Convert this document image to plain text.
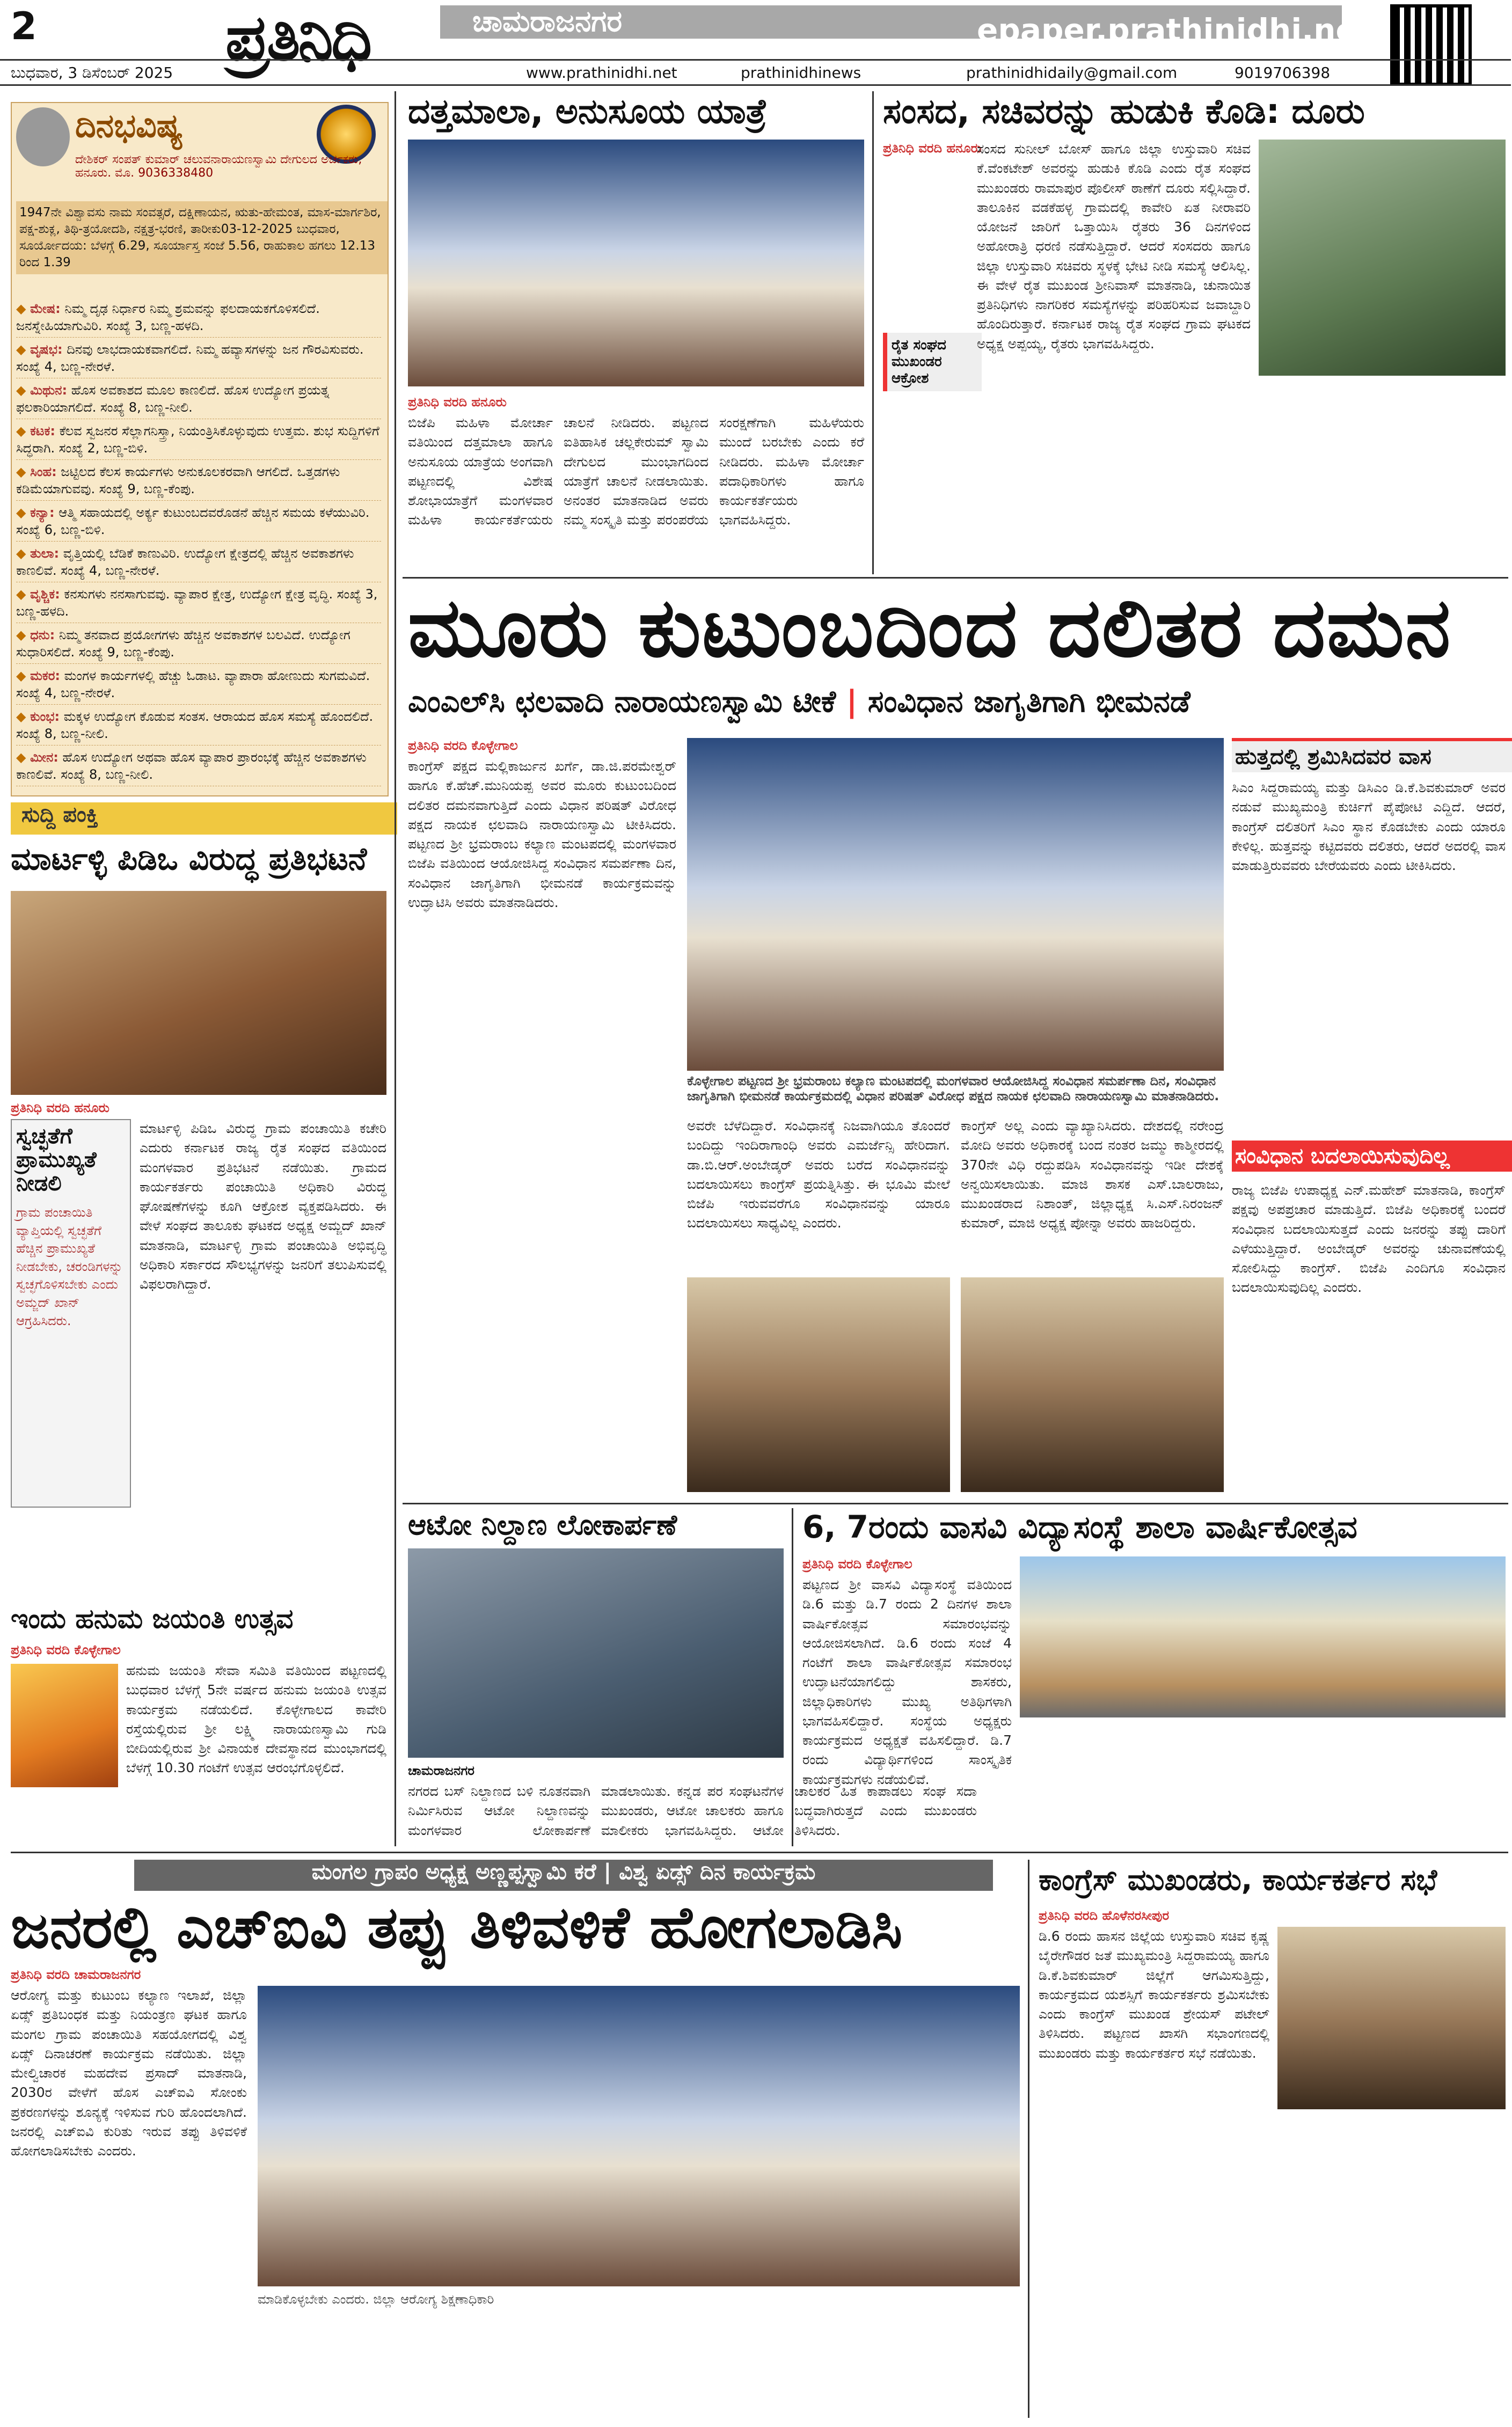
2	ಪ್ರತಿನಿಧಿ	ಚಾಮರಾಜನಗರ	epaper.prathinidhi.net
ಬುಧವಾರ, 3 ಡಿಸೆಂಬರ್ 2025	www.prathinidhi.net	prathinidhinews	prathinidhidaily@gmail.com	9019706398
ದಿನಭವಿಷ್ಯ
ದೇಶಿಕರ್ ಸಂಪತ್ ಕುಮಾರ್ ಚಲುವನಾರಾಯಣಸ್ವಾಮಿ ದೇಗುಲದ ಅರ್ಚಕರು, ಹನೂರು. ಮೊ. 9036338480
1947ನೇ ವಿಶ್ವಾವಸು ನಾಮ ಸಂವತ್ಸರೆ, ದಕ್ಷಿಣಾಯನ, ಋತು-ಹೇಮಂತ, ಮಾಸ-ಮಾರ್ಗಶಿರ, ಪಕ್ಷ-ಶುಕ್ಲ, ತಿಥಿ-ತ್ರಯೋದಶಿ, ನಕ್ಷತ್ರ-ಭರಣಿ, ತಾರೀಕು03-12-2025 ಬುಧವಾರ, ಸೂರ್ಯೋದಯ: ಬೆಳಗ್ಗೆ 6.29, ಸೂರ್ಯಾಸ್ತ ಸಂಜೆ 5.56, ರಾಹುಕಾಲ ಹಗಲು 12.13 ರಿಂದ 1.39
◆ ಮೇಷ: ನಿಮ್ಮ ದೃಢ ನಿರ್ಧಾರ ನಿಮ್ಮ ಶ್ರಮವನ್ನು ಫಲದಾಯಕಗೊಳಿಸಲಿದೆ. ಜನಸ್ನೇಹಿಯಾಗುವಿರಿ. ಸಂಖ್ಯೆ 3, ಬಣ್ಣ-ಹಳದಿ.
◆ ವೃಷಭ: ದಿನವು ಲಾಭದಾಯಕವಾಗಲಿದೆ. ನಿಮ್ಮ ಹವ್ಯಾಸಗಳನ್ನು ಜನ ಗೌರವಿಸುವರು. ಸಂಖ್ಯೆ 4, ಬಣ್ಣ-ನೇರಳೆ.
◆ ಮಿಥುನ: ಹೊಸ ಅವಕಾಶದ ಮೂಲ ಕಾಣಲಿದೆ. ಹೊಸ ಉದ್ಯೋಗ ಪ್ರಯತ್ನ ಫಲಕಾರಿಯಾಗಲಿದೆ. ಸಂಖ್ಯೆ 8, ಬಣ್ಣ-ನೀಲಿ.
◆ ಕಟಕ: ಕೆಲವ ಸ್ವಜನರ ಸೆಲ್ಲಾಗನಿಸ್ತ್ರಾ, ನಿಯಂತ್ರಿಸಿಕೊಳ್ಳುವುದು ಉತ್ತಮ. ಶುಭ ಸುದ್ದಿಗಳಿಗೆ ಸಿದ್ಧರಾಗಿ. ಸಂಖ್ಯೆ 2, ಬಣ್ಣ-ಬಿಳಿ.
◆ ಸಿಂಹ: ಜಟ್ಟಿಲದ ಕೆಲಸ ಕಾರ್ಯಗಳು ಅನುಕೂಲಕರವಾಗಿ ಆಗಲಿದೆ. ಒತ್ತಡಗಳು ಕಡಿಮೆಯಾಗುವವು. ಸಂಖ್ಯೆ 9, ಬಣ್ಣ-ಕೆಂಪು.
◆ ಕನ್ಯಾ: ಆತ್ಮಿ ಸಹಾಯದಲ್ಲಿ ಅರ್ಕ್ಯ ಕುಟುಂಬದವರೊಡನೆ ಹೆಚ್ಚಿನ ಸಮಯ ಕಳೆಯುವಿರಿ. ಸಂಖ್ಯೆ 6, ಬಣ್ಣ-ಬಿಳಿ.
◆ ತುಲಾ: ವೃತ್ತಿಯಲ್ಲಿ ಬೆಡಿಕೆ ಕಾಣುವಿರಿ. ಉದ್ಯೋಗ ಕ್ಷೇತ್ರದಲ್ಲಿ ಹೆಚ್ಚಿನ ಅವಕಾಶಗಳು ಕಾಣಲಿವೆ. ಸಂಖ್ಯೆ 4, ಬಣ್ಣ-ನೇರಳೆ.
◆ ವೃಶ್ಚಿಕ: ಕನಸುಗಳು ನನಸಾಗುವವು. ವ್ಯಾಪಾರ ಕ್ಷೇತ್ರ, ಉದ್ಯೋಗ ಕ್ಷೇತ್ರ ವೃದ್ಧಿ. ಸಂಖ್ಯೆ 3, ಬಣ್ಣ-ಹಳದಿ.
◆ ಧನು: ನಿಮ್ಮ ತನವಾದ ಪ್ರಯೋಗಗಳು ಹೆಚ್ಚಿನ ಅವಕಾಶಗಳ ಬಲವಿದೆ. ಉದ್ಯೋಗ ಸುಧಾರಿಸಲಿದೆ. ಸಂಖ್ಯೆ 9, ಬಣ್ಣ-ಕೆಂಪು.
◆ ಮಕರ: ಮಂಗಳ ಕಾರ್ಯಗಳಲ್ಲಿ ಹೆಚ್ಚು ಓಡಾಟ. ವ್ಯಾಪಾರಾ ಹೋಣುದು ಸುಗಮವಿದೆ. ಸಂಖ್ಯೆ 4, ಬಣ್ಣ-ನೇರಳೆ.
◆ ಕುಂಭ: ಮಕ್ಕಳ ಉದ್ಯೋಗ ಕೊಡುವ ಸಂತಸ. ಆರಾಯದ ಹೊಸ ಸಮಸ್ಯೆ ಹೊಂದಲಿದೆ. ಸಂಖ್ಯೆ 8, ಬಣ್ಣ-ನೀಲಿ.
◆ ಮೀನ: ಹೊಸ ಉದ್ಯೋಗ ಅಥವಾ ಹೊಸ ವ್ಯಾಪಾರ ಪ್ರಾರಂಭಕ್ಕೆ ಹೆಚ್ಚಿನ ಅವಕಾಶಗಳು ಕಾಣಲಿವೆ. ಸಂಖ್ಯೆ 8, ಬಣ್ಣ-ನೀಲಿ.
ಸುದ್ದಿ ಪಂಕ್ತಿ
ಮಾರ್ಟಳ್ಳಿ ಪಿಡಿಒ ವಿರುದ್ಧ ಪ್ರತಿಭಟನೆ
ಪ್ರತಿನಿಧಿ ವರದಿ ಹನೂರು
ಮಾರ್ಟಳ್ಳಿ ಪಿಡಿಒ ವಿರುದ್ಧ ಗ್ರಾಮ ಪಂಚಾಯಿತಿ ಕಚೇರಿ ಎದುರು ಕರ್ನಾಟಕ ರಾಜ್ಯ ರೈತ ಸಂಘದ ವತಿಯಿಂದ ಮಂಗಳವಾರ ಪ್ರತಿಭಟನೆ ನಡೆಯಿತು. ಗ್ರಾಮದ ಕಾರ್ಯಕರ್ತರು ಪಂಚಾಯಿತಿ ಅಧಿಕಾರಿ ವಿರುದ್ಧ ಘೋಷಣೆಗಳನ್ನು ಕೂಗಿ ಆಕ್ರೋಶ ವ್ಯಕ್ತಪಡಿಸಿದರು. ಈ ವೇಳೆ ಸಂಘದ ತಾಲೂಕು ಘಟಕದ ಅಧ್ಯಕ್ಷ ಅಮ್ಜದ್ ಖಾನ್ ಮಾತನಾಡಿ, ಮಾರ್ಟಳ್ಳಿ ಗ್ರಾಮ ಪಂಚಾಯಿತಿ ಅಭಿವೃದ್ಧಿ ಅಧಿಕಾರಿ ಸರ್ಕಾರದ ಸೌಲಭ್ಯಗಳನ್ನು ಜನರಿಗೆ ತಲುಪಿಸುವಲ್ಲಿ ವಿಫಲರಾಗಿದ್ದಾರೆ.
ಸ್ವಚ್ಛತೆಗೆ ಪ್ರಾಮುಖ್ಯತೆ ನೀಡಲಿ
ಗ್ರಾಮ ಪಂಚಾಯಿತಿ ವ್ಯಾಪ್ತಿಯಲ್ಲಿ ಸ್ವಚ್ಛತೆಗೆ ಹೆಚ್ಚಿನ ಪ್ರಾಮುಖ್ಯತೆ ನೀಡಬೇಕು, ಚರಂಡಿಗಳನ್ನು ಸ್ವಚ್ಛಗೊಳಿಸಬೇಕು ಎಂದು ಅಮ್ಜದ್ ಖಾನ್ ಆಗ್ರಹಿಸಿದರು.
ಇಂದು ಹನುಮ ಜಯಂತಿ ಉತ್ಸವ
ಪ್ರತಿನಿಧಿ ವರದಿ ಕೊಳ್ಳೇಗಾಲ
ಹನುಮ ಜಯಂತಿ ಸೇವಾ ಸಮಿತಿ ವತಿಯಿಂದ ಪಟ್ಟಣದಲ್ಲಿ ಬುಧವಾರ ಬೆಳಗ್ಗೆ 5ನೇ ವರ್ಷದ ಹನುಮ ಜಯಂತಿ ಉತ್ಸವ ಕಾರ್ಯಕ್ರಮ ನಡೆಯಲಿದೆ. ಕೊಳ್ಳೇಗಾಲದ ಕಾವೇರಿ ರಸ್ತೆಯಲ್ಲಿರುವ ಶ್ರೀ ಲಕ್ಷ್ಮಿ ನಾರಾಯಣಸ್ವಾಮಿ ಗುಡಿ ಬೀದಿಯಲ್ಲಿರುವ ಶ್ರೀ ವಿನಾಯಕ ದೇವಸ್ಥಾನದ ಮುಂಭಾಗದಲ್ಲಿ ಬೆಳಗ್ಗೆ 10.30 ಗಂಟೆಗೆ ಉತ್ಸವ ಆರಂಭಗೊಳ್ಳಲಿದೆ.
ದತ್ತಮಾಲಾ, ಅನುಸೂಯ ಯಾತ್ರೆ
ಪ್ರತಿನಿಧಿ ವರದಿ ಹನೂರು
ಬಿಜೆಪಿ ಮಹಿಳಾ ಮೋರ್ಚಾ ವತಿಯಿಂದ ದತ್ತಮಾಲಾ ಹಾಗೂ ಅನುಸೂಯ ಯಾತ್ರೆಯ ಅಂಗವಾಗಿ ಪಟ್ಟಣದಲ್ಲಿ ವಿಶೇಷ ಶೋಭಾಯಾತ್ರೆಗೆ ಮಂಗಳವಾರ ಮಹಿಳಾ ಕಾರ್ಯಕರ್ತೆಯರು ಚಾಲನೆ ನೀಡಿದರು. ಪಟ್ಟಣದ ಐತಿಹಾಸಿಕ ಚಲ್ಲಕೇರುಮ್ ಸ್ವಾಮಿ ದೇಗುಲದ ಮುಂಭಾಗದಿಂದ ಯಾತ್ರೆಗೆ ಚಾಲನೆ ನೀಡಲಾಯಿತು. ಅನಂತರ ಮಾತನಾಡಿದ ಅವರು ನಮ್ಮ ಸಂಸ್ಕೃತಿ ಮತ್ತು ಪರಂಪರೆಯ ಸಂರಕ್ಷಣೆಗಾಗಿ ಮಹಿಳೆಯರು ಮುಂದೆ ಬರಬೇಕು ಎಂದು ಕರೆ ನೀಡಿದರು. ಮಹಿಳಾ ಮೋರ್ಚಾ ಪದಾಧಿಕಾರಿಗಳು ಹಾಗೂ ಕಾರ್ಯಕರ್ತೆಯರು ಭಾಗವಹಿಸಿದ್ದರು.
ಸಂಸದ, ಸಚಿವರನ್ನು ಹುಡುಕಿ ಕೊಡಿ: ದೂರು
ಪ್ರತಿನಿಧಿ ವರದಿ ಹನೂರು
ರೈತ ಸಂಘದ ಮುಖಂಡರ ಆಕ್ರೋಶ
ಸಂಸದ ಸುನೀಲ್ ಬೋಸ್ ಹಾಗೂ ಜಿಲ್ಲಾ ಉಸ್ತುವಾರಿ ಸಚಿವ ಕೆ.ವೆಂಕಟೇಶ್ ಅವರನ್ನು ಹುಡುಕಿ ಕೊಡಿ ಎಂದು ರೈತ ಸಂಘದ ಮುಖಂಡರು ರಾಮಾಪುರ ಪೊಲೀಸ್ ಠಾಣೆಗೆ ದೂರು ಸಲ್ಲಿಸಿದ್ದಾರೆ. ತಾಲೂಕಿನ ವಡಕೆಹಳ್ಳ ಗ್ರಾಮದಲ್ಲಿ ಕಾವೇರಿ ಏತ ನೀರಾವರಿ ಯೋಜನೆ ಜಾರಿಗೆ ಒತ್ತಾಯಿಸಿ ರೈತರು 36 ದಿನಗಳಿಂದ ಅಹೋರಾತ್ರಿ ಧರಣಿ ನಡೆಸುತ್ತಿದ್ದಾರೆ. ಆದರೆ ಸಂಸದರು ಹಾಗೂ ಜಿಲ್ಲಾ ಉಸ್ತುವಾರಿ ಸಚಿವರು ಸ್ಥಳಕ್ಕೆ ಭೇಟಿ ನೀಡಿ ಸಮಸ್ಯೆ ಆಲಿಸಿಲ್ಲ. ಈ ವೇಳೆ ರೈತ ಮುಖಂಡ ಶ್ರೀನಿವಾಸ್ ಮಾತನಾಡಿ, ಚುನಾಯಿತ ಪ್ರತಿನಿಧಿಗಳು ನಾಗರಿಕರ ಸಮಸ್ಯೆಗಳನ್ನು ಪರಿಹರಿಸುವ ಜವಾಬ್ದಾರಿ ಹೊಂದಿರುತ್ತಾರೆ. ಕರ್ನಾಟಕ ರಾಜ್ಯ ರೈತ ಸಂಘದ ಗ್ರಾಮ ಘಟಕದ ಅಧ್ಯಕ್ಷ ಅಪ್ಪಯ್ಯ, ರೈತರು ಭಾಗವಹಿಸಿದ್ದರು.
ಮೂರು ಕುಟುಂಬದಿಂದ ದಲಿತರ ದಮನ
ಎಂಎಲ್‌ಸಿ ಛಲವಾದಿ ನಾರಾಯಣಸ್ವಾಮಿ ಟೀಕೆ | ಸಂವಿಧಾನ ಜಾಗೃತಿಗಾಗಿ ಭೀಮನಡೆ
ಪ್ರತಿನಿಧಿ ವರದಿ ಕೊಳ್ಳೇಗಾಲ
ಕಾಂಗ್ರೆಸ್ ಪಕ್ಷದ ಮಲ್ಲಿಕಾರ್ಜುನ ಖರ್ಗೆ, ಡಾ.ಜಿ.ಪರಮೇಶ್ವರ್ ಹಾಗೂ ಕೆ.ಹೆಚ್.ಮುನಿಯಪ್ಪ ಅವರ ಮೂರು ಕುಟುಂಬದಿಂದ ದಲಿತರ ದಮನವಾಗುತ್ತಿದೆ ಎಂದು ವಿಧಾನ ಪರಿಷತ್ ವಿರೋಧ ಪಕ್ಷದ ನಾಯಕ ಛಲವಾದಿ ನಾರಾಯಣಸ್ವಾಮಿ ಟೀಕಿಸಿದರು. ಪಟ್ಟಣದ ಶ್ರೀ ಭ್ರಮರಾಂಬ ಕಲ್ಯಾಣ ಮಂಟಪದಲ್ಲಿ ಮಂಗಳವಾರ ಬಿಜೆಪಿ ವತಿಯಿಂದ ಆಯೋಜಿಸಿದ್ದ ಸಂವಿಧಾನ ಸಮರ್ಪಣಾ ದಿನ, ಸಂವಿಧಾನ ಜಾಗೃತಿಗಾಗಿ ಭೀಮನಡೆ ಕಾರ್ಯಕ್ರಮವನ್ನು ಉದ್ಘಾಟಿಸಿ ಅವರು ಮಾತನಾಡಿದರು.
ಕೊಳ್ಳೇಗಾಲ ಪಟ್ಟಣದ ಶ್ರೀ ಭ್ರಮರಾಂಬ ಕಲ್ಯಾಣ ಮಂಟಪದಲ್ಲಿ ಮಂಗಳವಾರ ಆಯೋಜಿಸಿದ್ದ ಸಂವಿಧಾನ ಸಮರ್ಪಣಾ ದಿನ, ಸಂವಿಧಾನ ಜಾಗೃತಿಗಾಗಿ ಭೀಮನಡೆ ಕಾರ್ಯಕ್ರಮದಲ್ಲಿ ವಿಧಾನ ಪರಿಷತ್ ವಿರೋಧ ಪಕ್ಷದ ನಾಯಕ ಛಲವಾದಿ ನಾರಾಯಣಸ್ವಾಮಿ ಮಾತನಾಡಿದರು.
ಅವರೇ ಬೆಳೆದಿದ್ದಾರೆ. ಸಂವಿಧಾನಕ್ಕೆ ನಿಜವಾಗಿಯೂ ತೊಂದರೆ ಬಂದಿದ್ದು ಇಂದಿರಾಗಾಂಧಿ ಅವರು ಎಮರ್ಜೆನ್ಸಿ ಹೇರಿದಾಗ. ಡಾ.ಬಿ.ಆರ್.ಅಂಬೇಡ್ಕರ್ ಅವರು ಬರೆದ ಸಂವಿಧಾನವನ್ನು ಬದಲಾಯಿಸಲು ಕಾಂಗ್ರೆಸ್ ಪ್ರಯತ್ನಿಸಿತ್ತು. ಈ ಭೂಮಿ ಮೇಲೆ ಬಿಜೆಪಿ ಇರುವವರೆಗೂ ಸಂವಿಧಾನವನ್ನು ಯಾರೂ ಬದಲಾಯಿಸಲು ಸಾಧ್ಯವಿಲ್ಲ ಎಂದರು.
ಕಾಂಗ್ರೆಸ್ ಅಲ್ಲ ಎಂದು ವ್ಯಾಖ್ಯಾನಿಸಿದರು. ದೇಶದಲ್ಲಿ ನರೇಂದ್ರ ಮೋದಿ ಅವರು ಅಧಿಕಾರಕ್ಕೆ ಬಂದ ನಂತರ ಜಮ್ಮು ಕಾಶ್ಮೀರದಲ್ಲಿ 370ನೇ ವಿಧಿ ರದ್ದುಪಡಿಸಿ ಸಂವಿಧಾನವನ್ನು ಇಡೀ ದೇಶಕ್ಕೆ ಅನ್ವಯಿಸಲಾಯಿತು. ಮಾಜಿ ಶಾಸಕ ಎಸ್.ಬಾಲರಾಜು, ಮುಖಂಡರಾದ ನಿಶಾಂತ್, ಜಿಲ್ಲಾಧ್ಯಕ್ಷ ಸಿ.ಎಸ್.ನಿರಂಜನ್ ಕುಮಾರ್, ಮಾಜಿ ಅಧ್ಯಕ್ಷ ಪೋನ್ನಾ ಅವರು ಹಾಜರಿದ್ದರು.
ಹುತ್ತದಲ್ಲಿ ಶ್ರಮಿಸಿದವರ ವಾಸ
ಸಿಎಂ ಸಿದ್ದರಾಮಯ್ಯ ಮತ್ತು ಡಿಸಿಎಂ ಡಿ.ಕೆ.ಶಿವಕುಮಾರ್ ಅವರ ನಡುವೆ ಮುಖ್ಯಮಂತ್ರಿ ಕುರ್ಚಿಗೆ ಪೈಪೋಟಿ ಎದ್ದಿದೆ. ಆದರೆ, ಕಾಂಗ್ರೆಸ್ ದಲಿತರಿಗೆ ಸಿಎಂ ಸ್ಥಾನ ಕೊಡಬೇಕು ಎಂದು ಯಾರೂ ಕೇಳಿಲ್ಲ. ಹುತ್ತವನ್ನು ಕಟ್ಟಿದವರು ದಲಿತರು, ಆದರೆ ಅದರಲ್ಲಿ ವಾಸ ಮಾಡುತ್ತಿರುವವರು ಬೇರೆಯವರು ಎಂದು ಟೀಕಿಸಿದರು.
ಸಂವಿಧಾನ ಬದಲಾಯಿಸುವುದಿಲ್ಲ
ರಾಜ್ಯ ಬಿಜೆಪಿ ಉಪಾಧ್ಯಕ್ಷ ಎನ್.ಮಹೇಶ್ ಮಾತನಾಡಿ, ಕಾಂಗ್ರೆಸ್ ಪಕ್ಷವು ಅಪಪ್ರಚಾರ ಮಾಡುತ್ತಿದೆ. ಬಿಜೆಪಿ ಅಧಿಕಾರಕ್ಕೆ ಬಂದರೆ ಸಂವಿಧಾನ ಬದಲಾಯಿಸುತ್ತದೆ ಎಂದು ಜನರನ್ನು ತಪ್ಪು ದಾರಿಗೆ ಎಳೆಯುತ್ತಿದ್ದಾರೆ. ಅಂಬೇಡ್ಕರ್ ಅವರನ್ನು ಚುನಾವಣೆಯಲ್ಲಿ ಸೋಲಿಸಿದ್ದು ಕಾಂಗ್ರೆಸ್. ಬಿಜೆಪಿ ಎಂದಿಗೂ ಸಂವಿಧಾನ ಬದಲಾಯಿಸುವುದಿಲ್ಲ ಎಂದರು.
ಆಟೋ ನಿಲ್ದಾಣ ಲೋಕಾರ್ಪಣೆ
ಚಾಮರಾಜನಗರ
ನಗರದ ಬಸ್ ನಿಲ್ದಾಣದ ಬಳಿ ನೂತನವಾಗಿ ನಿರ್ಮಿಸಿರುವ ಆಟೋ ನಿಲ್ದಾಣವನ್ನು ಮಂಗಳವಾರ ಲೋಕಾರ್ಪಣೆ ಮಾಡಲಾಯಿತು. ಕನ್ನಡ ಪರ ಸಂಘಟನೆಗಳ ಮುಖಂಡರು, ಆಟೋ ಚಾಲಕರು ಹಾಗೂ ಮಾಲೀಕರು ಭಾಗವಹಿಸಿದ್ದರು. ಆಟೋ ಚಾಲಕರ ಹಿತ ಕಾಪಾಡಲು ಸಂಘ ಸದಾ ಬದ್ಧವಾಗಿರುತ್ತದೆ ಎಂದು ಮುಖಂಡರು ತಿಳಿಸಿದರು.
6, 7ರಂದು ವಾಸವಿ ವಿದ್ಯಾಸಂಸ್ಥೆ ಶಾಲಾ ವಾರ್ಷಿಕೋತ್ಸವ
ಪ್ರತಿನಿಧಿ ವರದಿ ಕೊಳ್ಳೇಗಾಲ
ಪಟ್ಟಣದ ಶ್ರೀ ವಾಸವಿ ವಿದ್ಯಾಸಂಸ್ಥೆ ವತಿಯಿಂದ ಡಿ.6 ಮತ್ತು ಡಿ.7 ರಂದು 2 ದಿನಗಳ ಶಾಲಾ ವಾರ್ಷಿಕೋತ್ಸವ ಸಮಾರಂಭವನ್ನು ಆಯೋಜಿಸಲಾಗಿದೆ. ಡಿ.6 ರಂದು ಸಂಜೆ 4 ಗಂಟೆಗೆ ಶಾಲಾ ವಾರ್ಷಿಕೋತ್ಸವ ಸಮಾರಂಭ ಉದ್ಘಾಟನೆಯಾಗಲಿದ್ದು ಶಾಸಕರು, ಜಿಲ್ಲಾಧಿಕಾರಿಗಳು ಮುಖ್ಯ ಅತಿಥಿಗಳಾಗಿ ಭಾಗವಹಿಸಲಿದ್ದಾರೆ. ಸಂಸ್ಥೆಯ ಅಧ್ಯಕ್ಷರು ಕಾರ್ಯಕ್ರಮದ ಅಧ್ಯಕ್ಷತೆ ವಹಿಸಲಿದ್ದಾರೆ. ಡಿ.7 ರಂದು ವಿದ್ಯಾರ್ಥಿಗಳಿಂದ ಸಾಂಸ್ಕೃತಿಕ ಕಾರ್ಯಕ್ರಮಗಳು ನಡೆಯಲಿವೆ.
ಮಂಗಲ ಗ್ರಾಪಂ ಅಧ್ಯಕ್ಷ ಅಣ್ಣಪ್ಪಸ್ವಾಮಿ ಕರೆ | ವಿಶ್ವ ಏಡ್ಸ್ ದಿನ ಕಾರ್ಯಕ್ರಮ
ಜನರಲ್ಲಿ ಎಚ್‌ಐವಿ ತಪ್ಪು ತಿಳಿವಳಿಕೆ ಹೋಗಲಾಡಿಸಿ
ಪ್ರತಿನಿಧಿ ವರದಿ ಚಾಮರಾಜನಗರ
ಆರೋಗ್ಯ ಮತ್ತು ಕುಟುಂಬ ಕಲ್ಯಾಣ ಇಲಾಖೆ, ಜಿಲ್ಲಾ ಏಡ್ಸ್ ಪ್ರತಿಬಂಧಕ ಮತ್ತು ನಿಯಂತ್ರಣ ಘಟಕ ಹಾಗೂ ಮಂಗಲ ಗ್ರಾಮ ಪಂಚಾಯಿತಿ ಸಹಯೋಗದಲ್ಲಿ ವಿಶ್ವ ಏಡ್ಸ್ ದಿನಾಚರಣೆ ಕಾರ್ಯಕ್ರಮ ನಡೆಯಿತು. ಜಿಲ್ಲಾ ಮೇಲ್ವಿಚಾರಕ ಮಹದೇವ ಪ್ರಸಾದ್ ಮಾತನಾಡಿ, 2030ರ ವೇಳೆಗೆ ಹೊಸ ಎಚ್‌ಐವಿ ಸೋಂಕು ಪ್ರಕರಣಗಳನ್ನು ಶೂನ್ಯಕ್ಕೆ ಇಳಿಸುವ ಗುರಿ ಹೊಂದಲಾಗಿದೆ. ಜನರಲ್ಲಿ ಎಚ್‌ಐವಿ ಕುರಿತು ಇರುವ ತಪ್ಪು ತಿಳಿವಳಿಕೆ ಹೋಗಲಾಡಿಸಬೇಕು ಎಂದರು.
ಮಾಡಿಕೊಳ್ಳಬೇಕು ಎಂದರು. ಜಿಲ್ಲಾ ಆರೋಗ್ಯ ಶಿಕ್ಷಣಾಧಿಕಾರಿ
ಕಾಂಗ್ರೆಸ್ ಮುಖಂಡರು, ಕಾರ್ಯಕರ್ತರ ಸಭೆ
ಪ್ರತಿನಿಧಿ ವರದಿ ಹೊಳೆನರಸೀಪುರ
ಡಿ.6 ರಂದು ಹಾಸನ ಜಿಲ್ಲೆಯ ಉಸ್ತುವಾರಿ ಸಚಿವ ಕೃಷ್ಣ ಬೈರೇಗೌಡರ ಜತೆ ಮುಖ್ಯಮಂತ್ರಿ ಸಿದ್ದರಾಮಯ್ಯ ಹಾಗೂ ಡಿ.ಕೆ.ಶಿವಕುಮಾರ್ ಜಿಲ್ಲೆಗೆ ಆಗಮಿಸುತ್ತಿದ್ದು, ಕಾರ್ಯಕ್ರಮದ ಯಶಸ್ಸಿಗೆ ಕಾರ್ಯಕರ್ತರು ಶ್ರಮಿಸಬೇಕು ಎಂದು ಕಾಂಗ್ರೆಸ್ ಮುಖಂಡ ಶ್ರೇಯಸ್ ಪಟೇಲ್ ತಿಳಿಸಿದರು. ಪಟ್ಟಣದ ಖಾಸಗಿ ಸಭಾಂಗಣದಲ್ಲಿ ಮುಖಂಡರು ಮತ್ತು ಕಾರ್ಯಕರ್ತರ ಸಭೆ ನಡೆಯಿತು.
